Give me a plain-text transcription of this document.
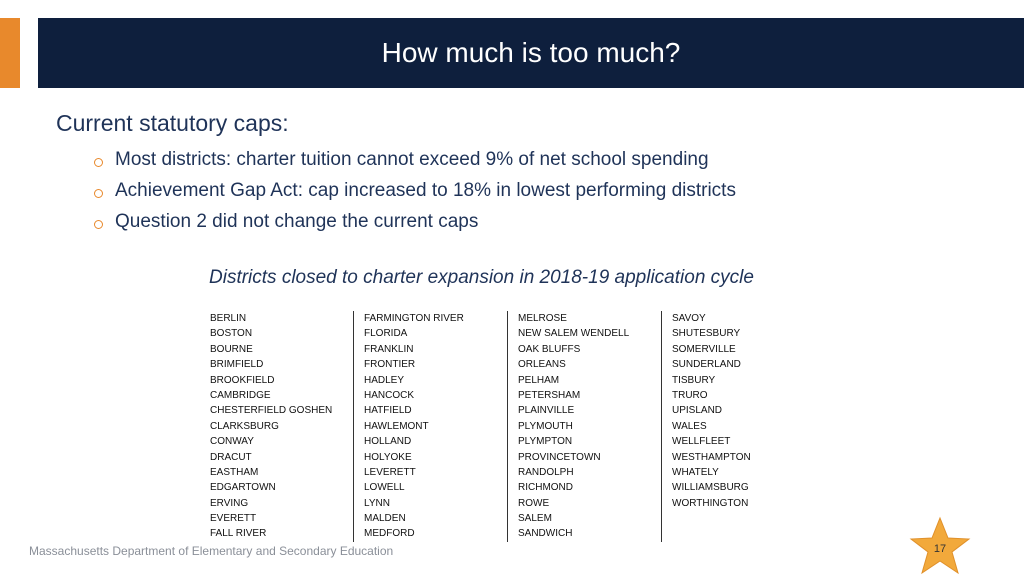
How much is too much?
Current statutory caps:
Most districts: charter tuition cannot exceed 9% of net school spending
Achievement Gap Act: cap increased to 18% in lowest performing districts
Question 2 did not change the current caps
Districts closed to charter expansion in 2018-19 application cycle
BERLIN
BOSTON
BOURNE
BRIMFIELD
BROOKFIELD
CAMBRIDGE
CHESTERFIELD GOSHEN
CLARKSBURG
CONWAY
DRACUT
EASTHAM
EDGARTOWN
ERVING
EVERETT
FALL RIVER
FARMINGTON RIVER
FLORIDA
FRANKLIN
FRONTIER
HADLEY
HANCOCK
HATFIELD
HAWLEMONT
HOLLAND
HOLYOKE
LEVERETT
LOWELL
LYNN
MALDEN
MEDFORD
MELROSE
NEW SALEM WENDELL
OAK BLUFFS
ORLEANS
PELHAM
PETERSHAM
PLAINVILLE
PLYMOUTH
PLYMPTON
PROVINCETOWN
RANDOLPH
RICHMOND
ROWE
SALEM
SANDWICH
SAVOY
SHUTESBURY
SOMERVILLE
SUNDERLAND
TISBURY
TRURO
UPISLAND
WALES
WELLFLEET
WESTHAMPTON
WHATELY
WILLIAMSBURG
WORTHINGTON
Massachusetts Department of Elementary and Secondary Education	17
